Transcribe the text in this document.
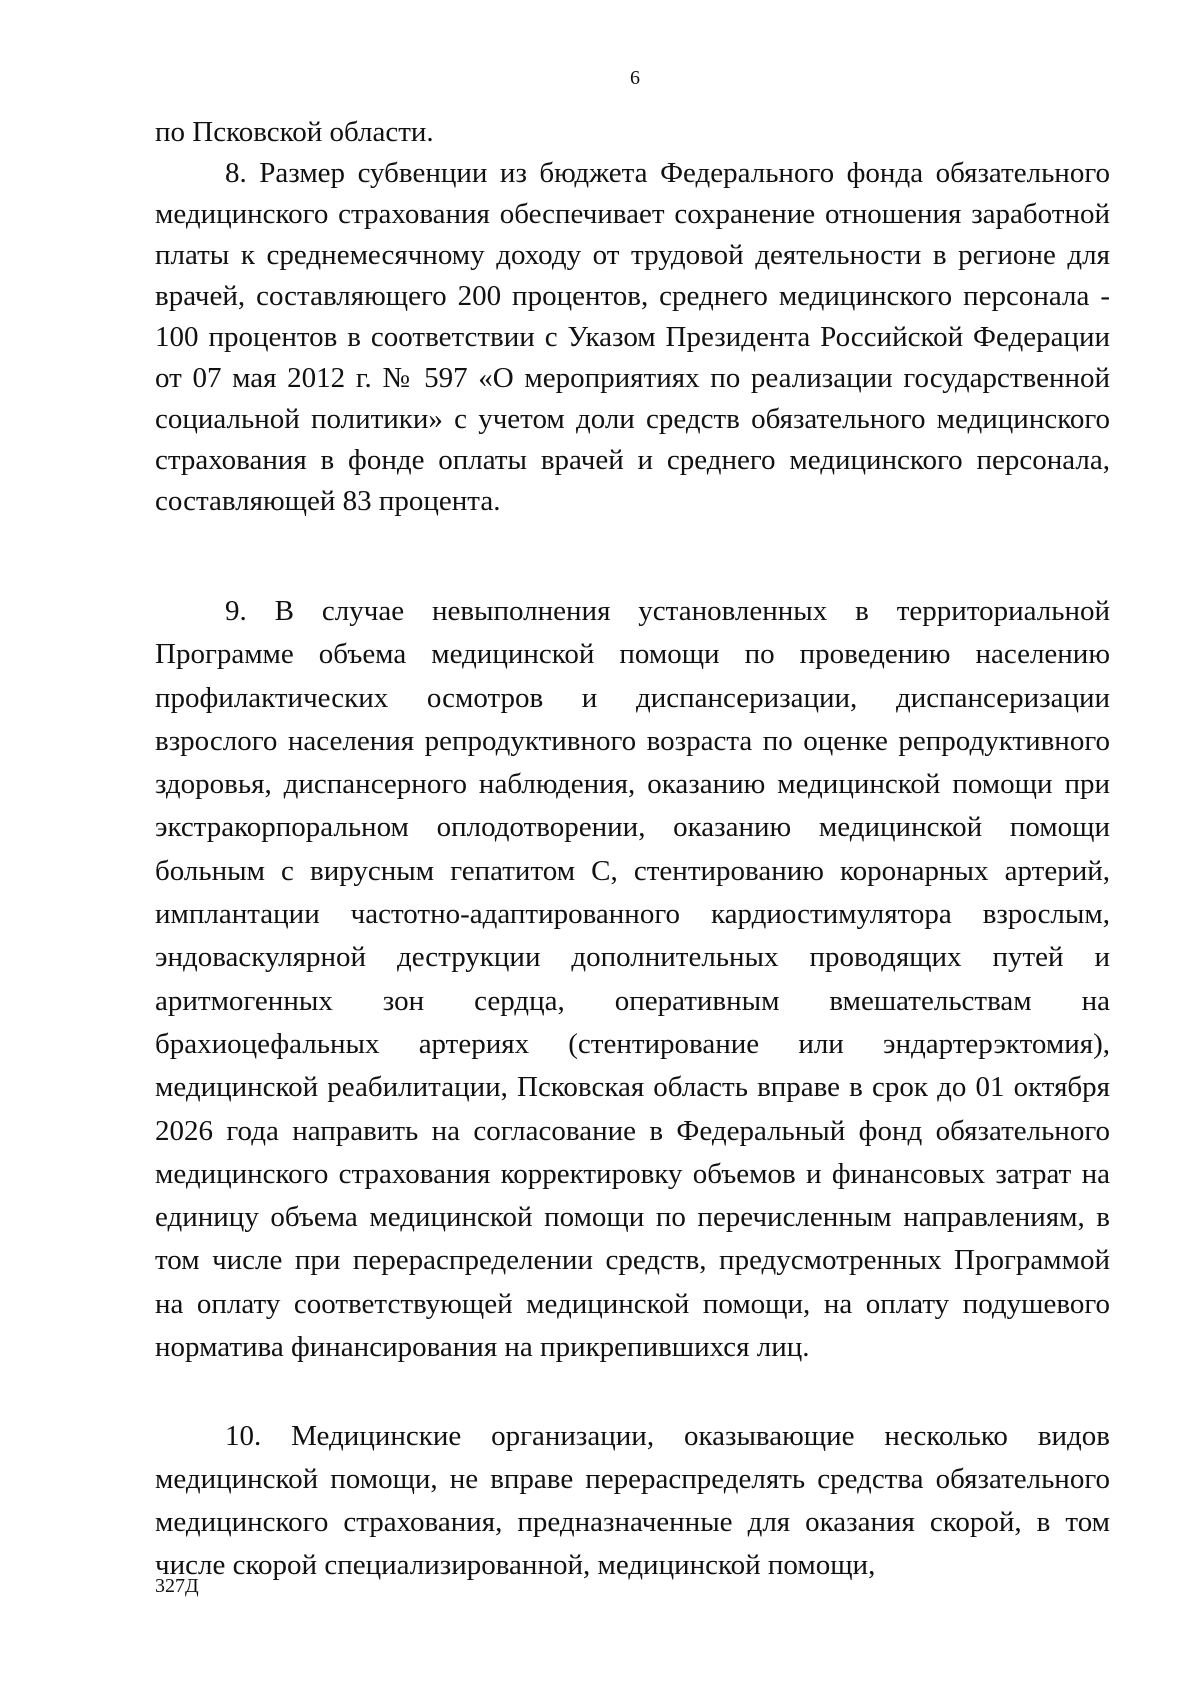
6

по Псковской области.

8. Размер субвенции из бюджета Федерального фонда обязательного медицинского страхования обеспечивает сохранение отношения заработной платы к среднемесячному доходу от трудовой деятельности в регионе для врачей, составляющего 200 процентов, среднего медицинского персонала - 100 процентов в соответствии с Указом Президента Российской Федерации от 07 мая 2012 г. № 597 «О мероприятиях по реализации государственной социальной политики» с учетом доли средств обязательного медицинского страхования в фонде оплаты врачей и среднего медицинского персонала, составляющей 83 процента.

9. В случае невыполнения установленных в территориальной Программе объема медицинской помощи по проведению населению профилактических осмотров и диспансеризации, диспансеризации взрослого населения репродуктивного возраста по оценке репродуктивного здоровья, диспансерного наблюдения, оказанию медицинской помощи при экстракорпоральном оплодотворении, оказанию медицинской помощи больным с вирусным гепатитом С, стентированию коронарных артерий, имплантации частотно-адаптированного кардиостимулятора взрослым, эндоваскулярной деструкции дополнительных проводящих путей и аритмогенных зон сердца, оперативным вмешательствам на брахиоцефальных артериях (стентирование или эндартерэктомия), медицинской реабилитации, Псковская область вправе в срок до 01 октября 2026 года направить на согласование в Федеральный фонд обязательного медицинского страхования корректировку объемов и финансовых затрат на единицу объема медицинской помощи по перечисленным направлениям, в том числе при перераспределении средств, предусмотренных Программой на оплату соответствующей медицинской помощи, на оплату подушевого норматива финансирования на прикрепившихся лиц.

10. Медицинские организации, оказывающие несколько видов медицинской помощи, не вправе перераспределять средства обязательного медицинского страхования, предназначенные для оказания скорой, в том числе скорой специализированной, медицинской помощи,

327Д
